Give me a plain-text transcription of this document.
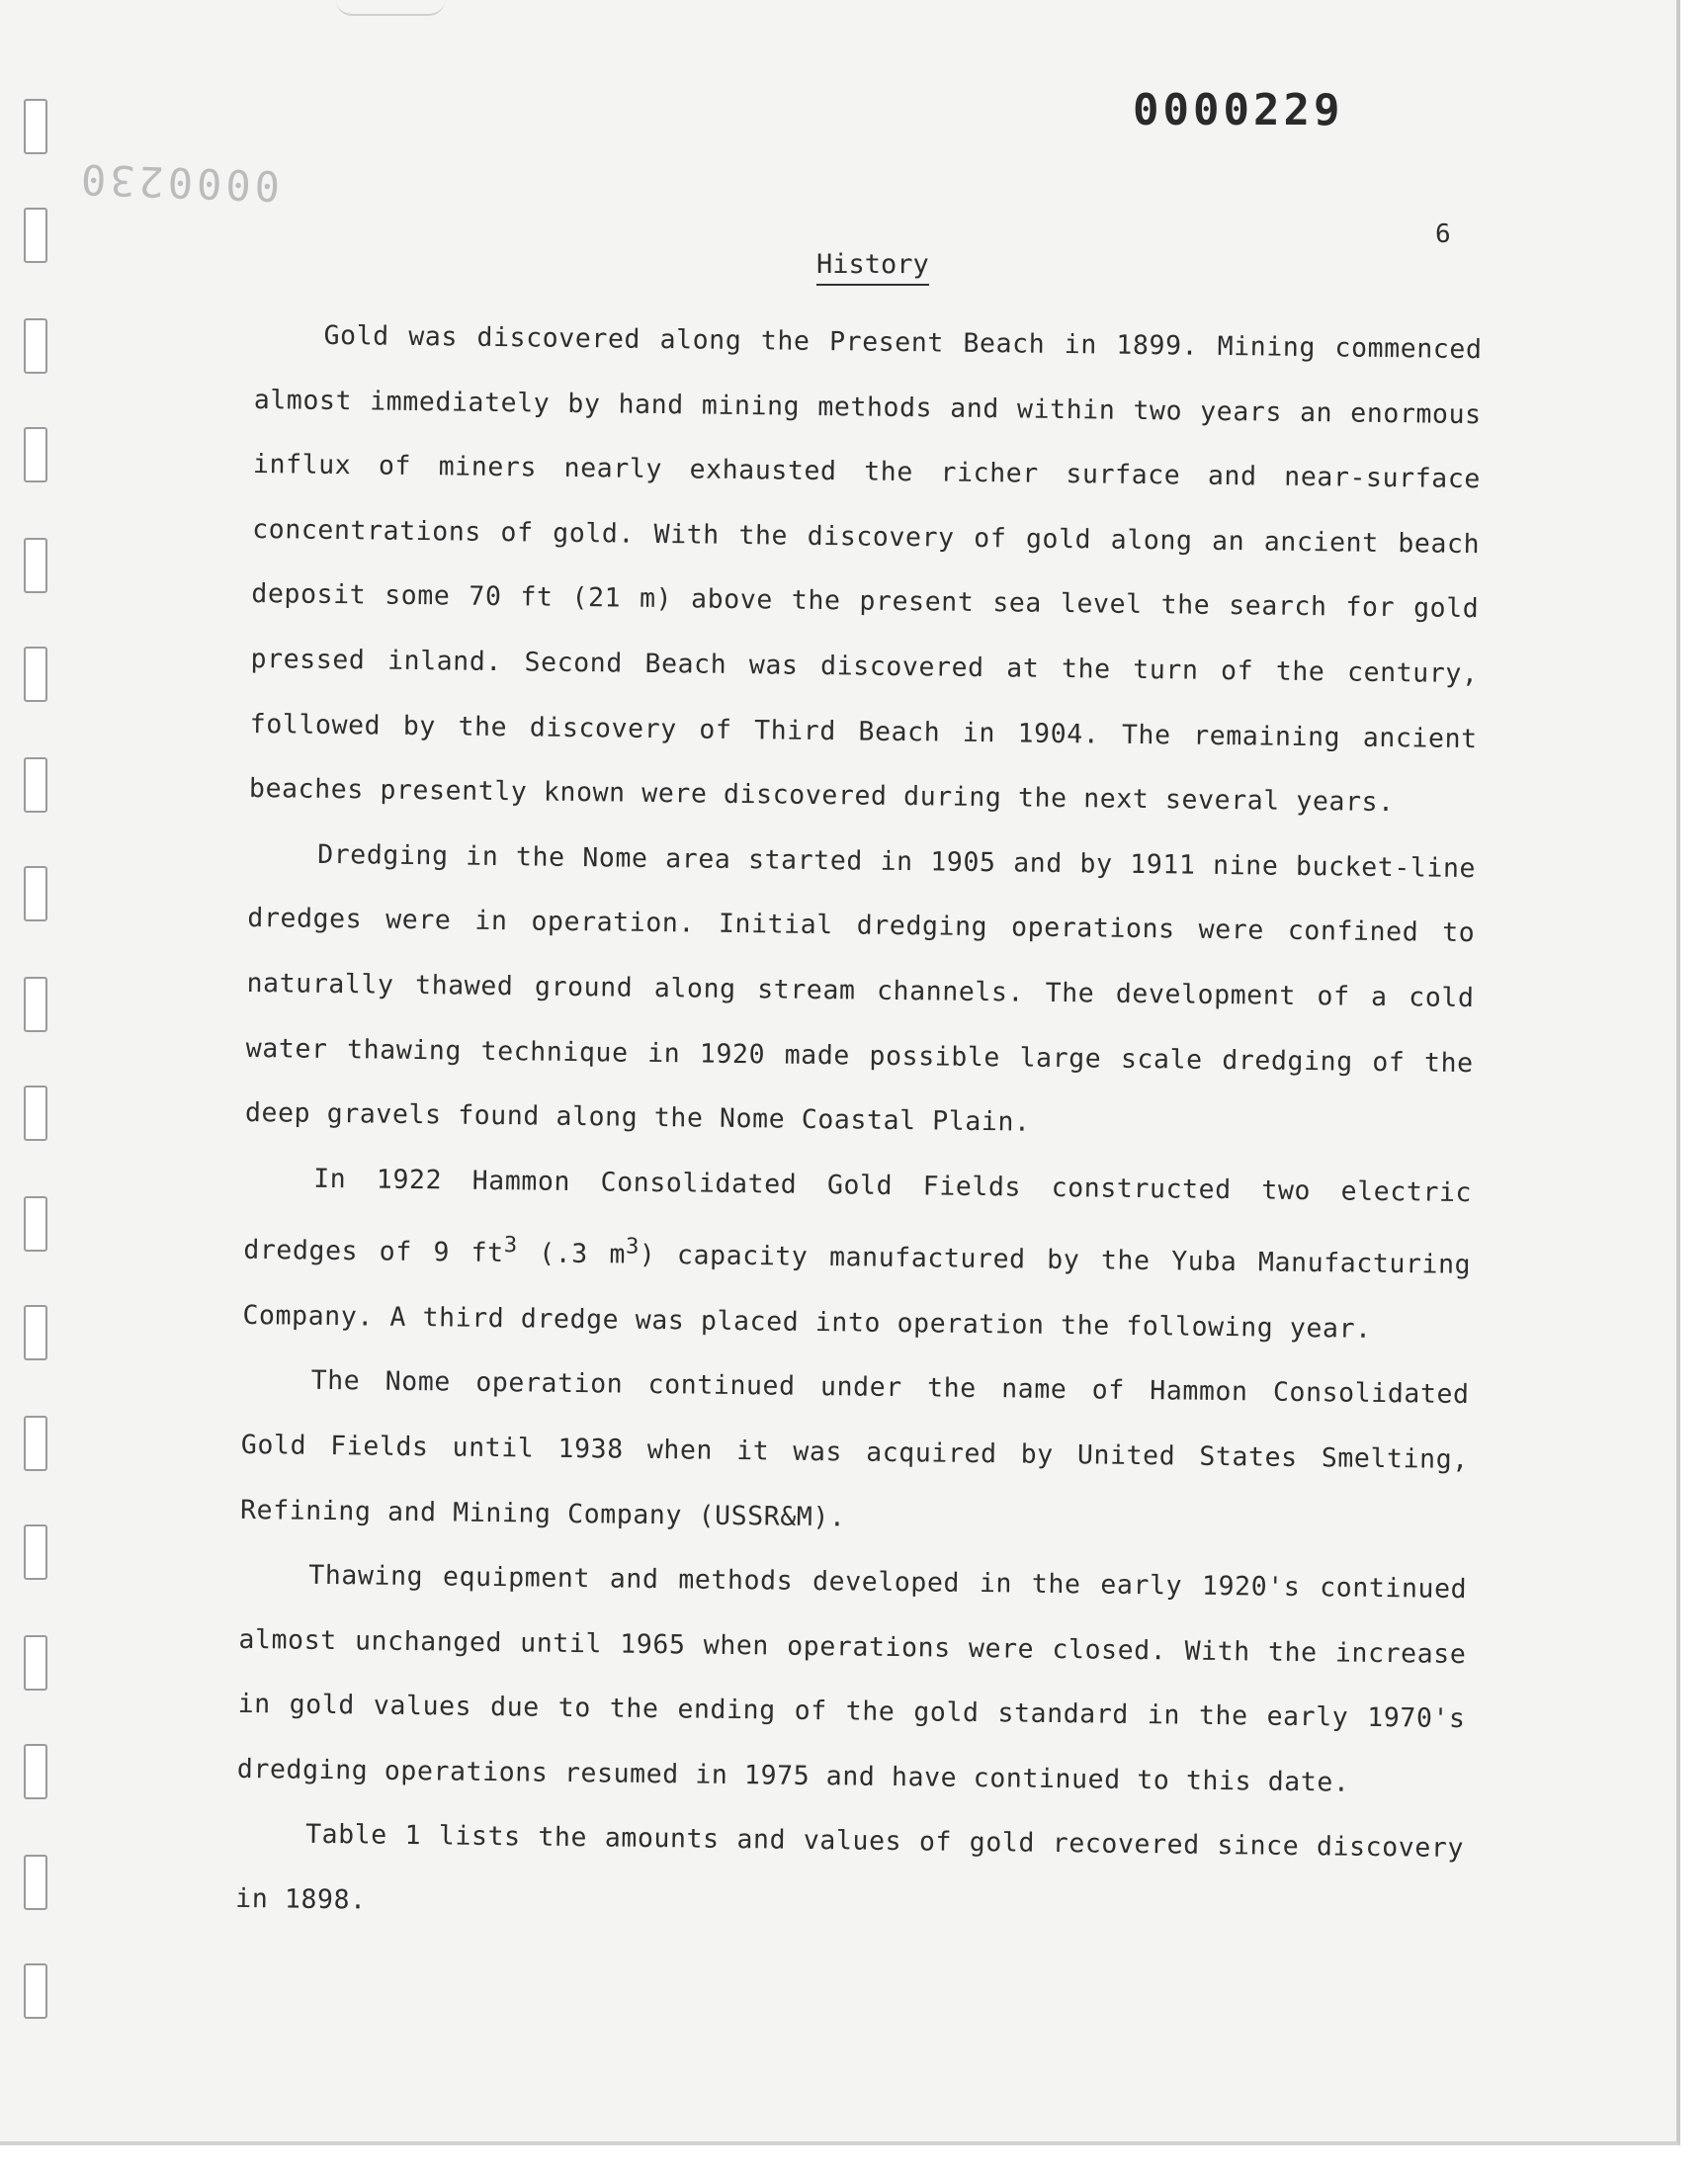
0000229
0000230
6
History

Gold was discovered along the Present Beach in 1899. Mining commenced almost immediately by hand mining methods and within two years an enormous influx of miners nearly exhausted the richer surface and near-surface concentrations of gold. With the discovery of gold along an ancient beach deposit some 70 ft (21 m) above the present sea level the search for gold pressed inland. Second Beach was discovered at the turn of the century, followed by the discovery of Third Beach in 1904. The remaining ancient beaches presently known were discovered during the next several years.

Dredging in the Nome area started in 1905 and by 1911 nine bucket-line dredges were in operation. Initial dredging operations were confined to naturally thawed ground along stream channels. The development of a cold water thawing technique in 1920 made possible large scale dredging of the deep gravels found along the Nome Coastal Plain.

In 1922 Hammon Consolidated Gold Fields constructed two electric dredges of 9 $ft^3$ (.3 $m^3$) capacity manufactured by the Yuba Manufacturing Company. A third dredge was placed into operation the following year.

The Nome operation continued under the name of Hammon Consolidated Gold Fields until 1938 when it was acquired by United States Smelting, Refining and Mining Company (USSR&M).

Thawing equipment and methods developed in the early 1920's continued almost unchanged until 1965 when operations were closed. With the increase in gold values due to the ending of the gold standard in the early 1970's dredging operations resumed in 1975 and have continued to this date.

Table 1 lists the amounts and values of gold recovered since discovery in 1898.
